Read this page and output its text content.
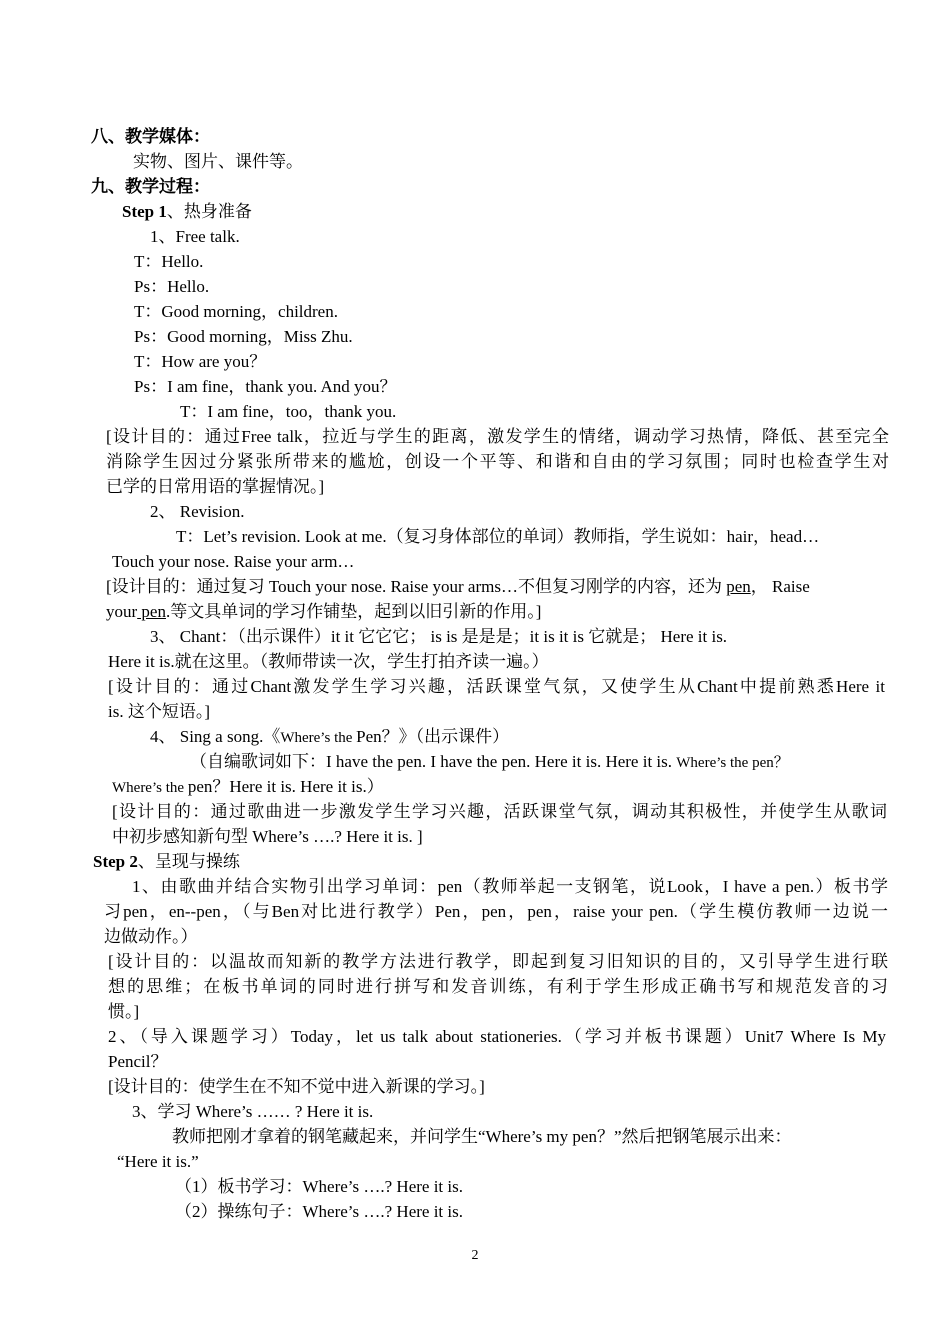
八、教学媒体：
实物、图片、课件等。
九、教学过程：
Step 1、热身准备
1、Free talk.
T：Hello.
Ps：Hello.
T：Good morning，children.
Ps：Good morning，Miss Zhu.
T：How are you？
Ps：I am fine，thank you. And you？
T：I am fine，too，thank you.
[设计目的：通过Free talk，拉近与学生的距离，激发学生的情绪，调动学习热情，降低、甚至完全
消除学生因过分紧张所带来的尴尬，创设一个平等、和谐和自由的学习氛围；同时也检查学生对
已学的日常用语的掌握情况。]
2、 Revision.
T：Let’s revision. Look at me.（复习身体部位的单词）教师指，学生说如：hair，head…
Touch your nose. Raise your arm…
[设计目的：通过复习 Touch your nose. Raise your arms…不但复习刚学的内容，还为 pen， Raise
your pen.等文具单词的学习作铺垫，起到以旧引新的作用。]
3、 Chant：（出示课件）it it 它它它； is is 是是是；it is it is 它就是； Here it is.
Here it is.就在这里。（教师带读一次，学生打拍齐读一遍。）
[设计目的：通过Chant激发学生学习兴趣，活跃课堂气氛，又使学生从Chant中提前熟悉Here it
is. 这个短语。]
4、 Sing a song.《Where’s the Pen？》（出示课件）
（自编歌词如下：I have the pen. I have the pen. Here it is. Here it is. Where’s the pen？
Where’s the pen？Here it is. Here it is.）
[设计目的：通过歌曲进一步激发学生学习兴趣，活跃课堂气氛，调动其积极性，并使学生从歌词
中初步感知新句型 Where’s ….? Here it is. ]
Step 2、呈现与操练
1、由歌曲并结合实物引出学习单词：pen（教师举起一支钢笔，说Look，I have a pen.）板书学
习pen，en--pen，（与Ben对比进行教学）Pen，pen，pen，raise your pen.（学生模仿教师一边说一
边做动作。）
[设计目的：以温故而知新的教学方法进行教学，即起到复习旧知识的目的，又引导学生进行联
想的思维；在板书单词的同时进行拼写和发音训练，有利于学生形成正确书写和规范发音的习
惯。]
2、（导入课题学习）Today，let us talk about stationeries.（学习并板书课题）Unit7 Where Is My
Pencil？
[设计目的：使学生在不知不觉中进入新课的学习。]
3、学习 Where’s …… ? Here it is.
教师把刚才拿着的钢笔藏起来，并问学生“Where’s my pen？”然后把钢笔展示出来：
“Here it is.”
（1）板书学习：Where’s ….? Here it is.
（2）操练句子：Where’s ….? Here it is.
2
